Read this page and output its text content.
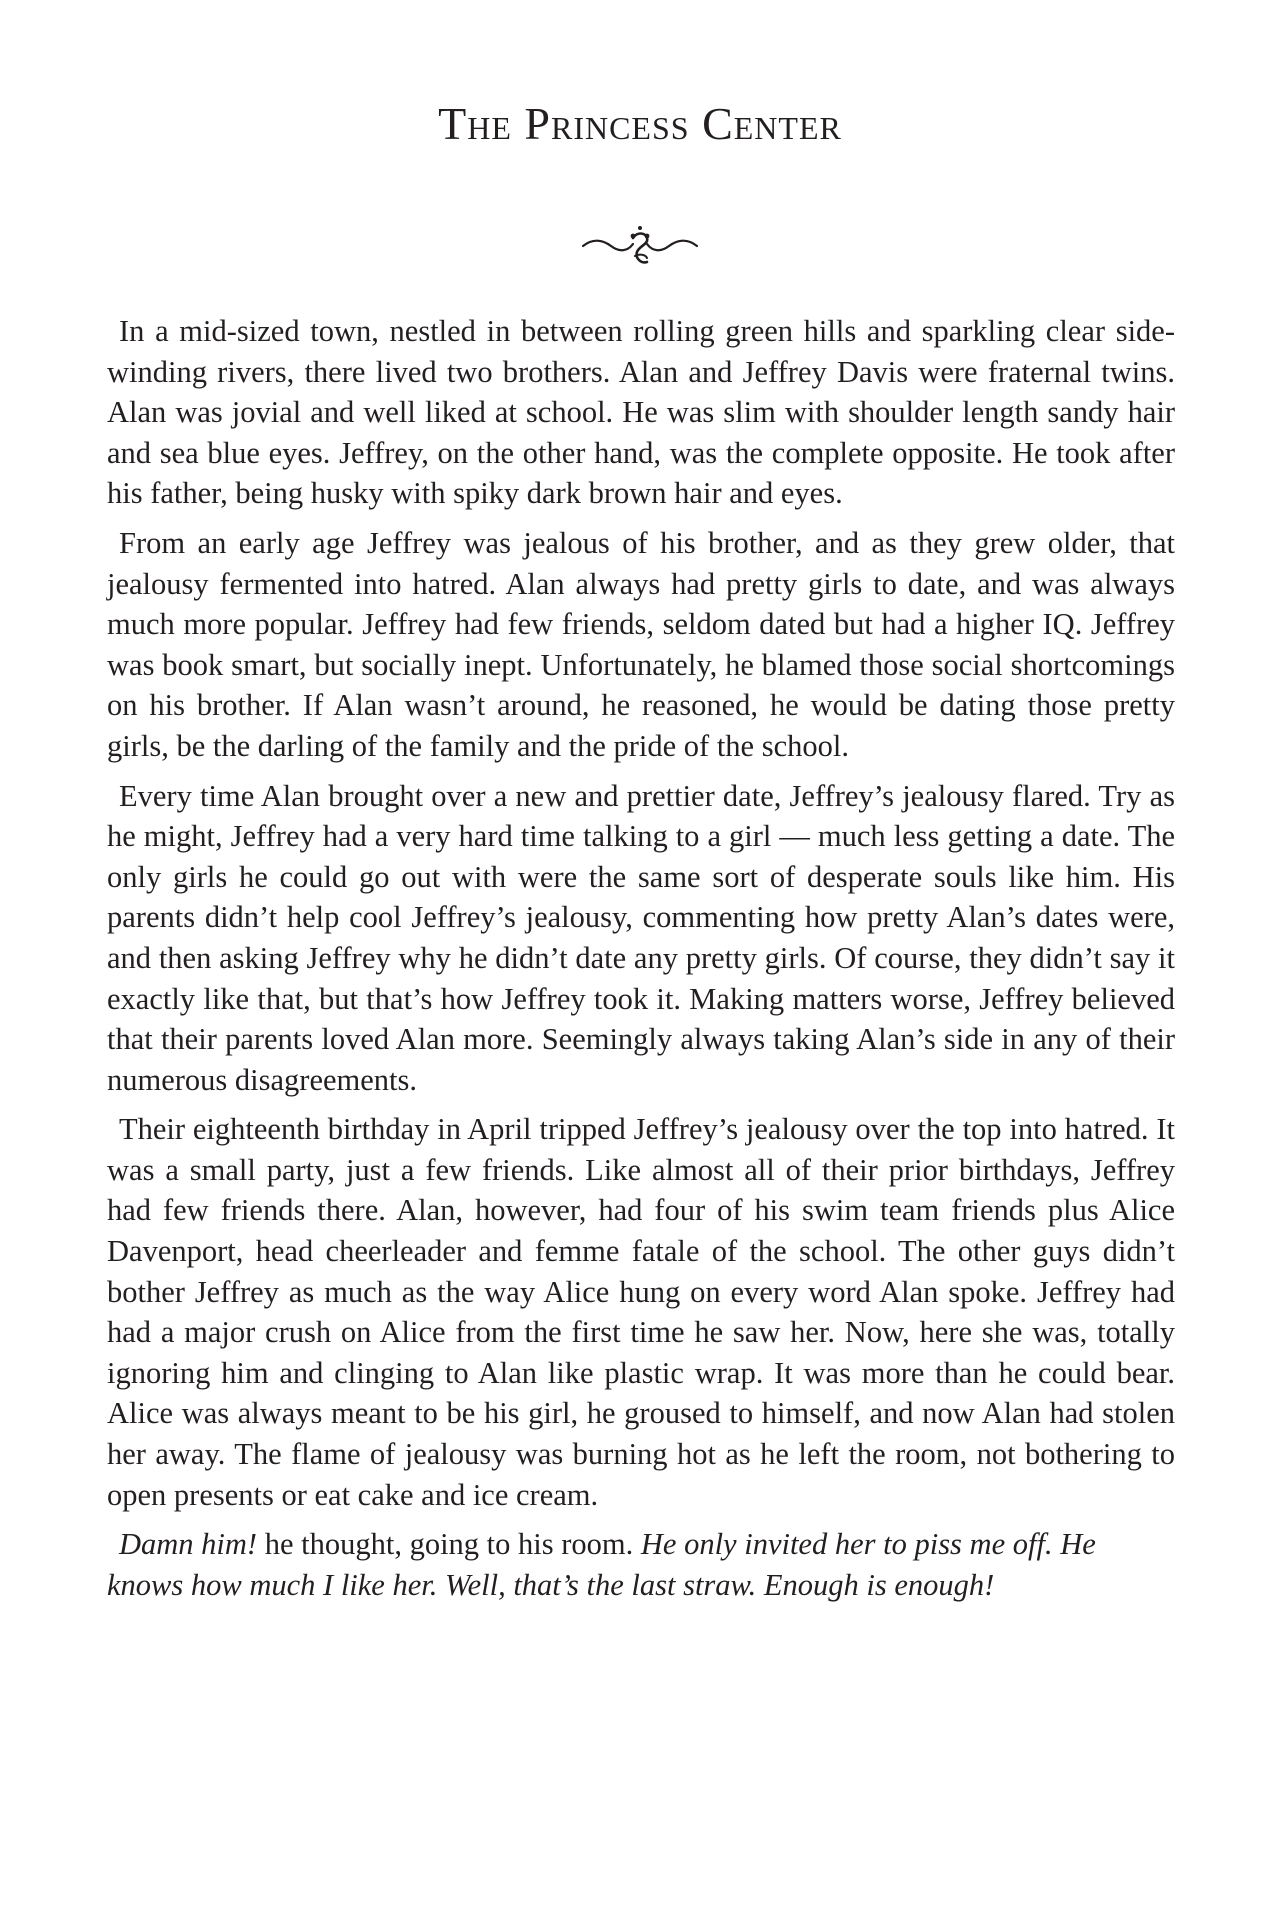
The Princess Center

In a mid-sized town, nestled in between rolling green hills and sparkling clear side-winding rivers, there lived two brothers. Alan and Jeffrey Davis were fraternal twins. Alan was jovial and well liked at school. He was slim with shoulder length sandy hair and sea blue eyes. Jeffrey, on the other hand, was the complete opposite. He took after his father, being husky with spiky dark brown hair and eyes.

From an early age Jeffrey was jealous of his brother, and as they grew older, that jealousy fermented into hatred. Alan always had pretty girls to date, and was always much more popular. Jeffrey had few friends, seldom dated but had a higher IQ. Jeffrey was book smart, but socially inept. Unfortunately, he blamed those social shortcomings on his brother. If Alan wasn’t around, he reasoned, he would be dating those pretty girls, be the darling of the family and the pride of the school.

Every time Alan brought over a new and prettier date, Jeffrey’s jealousy flared. Try as he might, Jeffrey had a very hard time talking to a girl — much less getting a date. The only girls he could go out with were the same sort of desperate souls like him. His parents didn’t help cool Jeffrey’s jealousy, commenting how pretty Alan’s dates were, and then asking Jeffrey why he didn’t date any pretty girls. Of course, they didn’t say it exactly like that, but that’s how Jeffrey took it. Making matters worse, Jeffrey believed that their parents loved Alan more. Seemingly always taking Alan’s side in any of their numerous disagreements.

Their eighteenth birthday in April tripped Jeffrey’s jealousy over the top into hatred. It was a small party, just a few friends. Like almost all of their prior birthdays, Jeffrey had few friends there. Alan, however, had four of his swim team friends plus Alice Davenport, head cheerleader and femme fatale of the school. The other guys didn’t bother Jeffrey as much as the way Alice hung on every word Alan spoke. Jeffrey had had a major crush on Alice from the first time he saw her. Now, here she was, totally ignoring him and clinging to Alan like plastic wrap. It was more than he could bear. Alice was always meant to be his girl, he groused to himself, and now Alan had stolen her away. The flame of jealousy was burning hot as he left the room, not bothering to open presents or eat cake and ice cream.

Damn him! he thought, going to his room. He only invited her to piss me off. He knows how much I like her. Well, that’s the last straw. Enough is enough!
